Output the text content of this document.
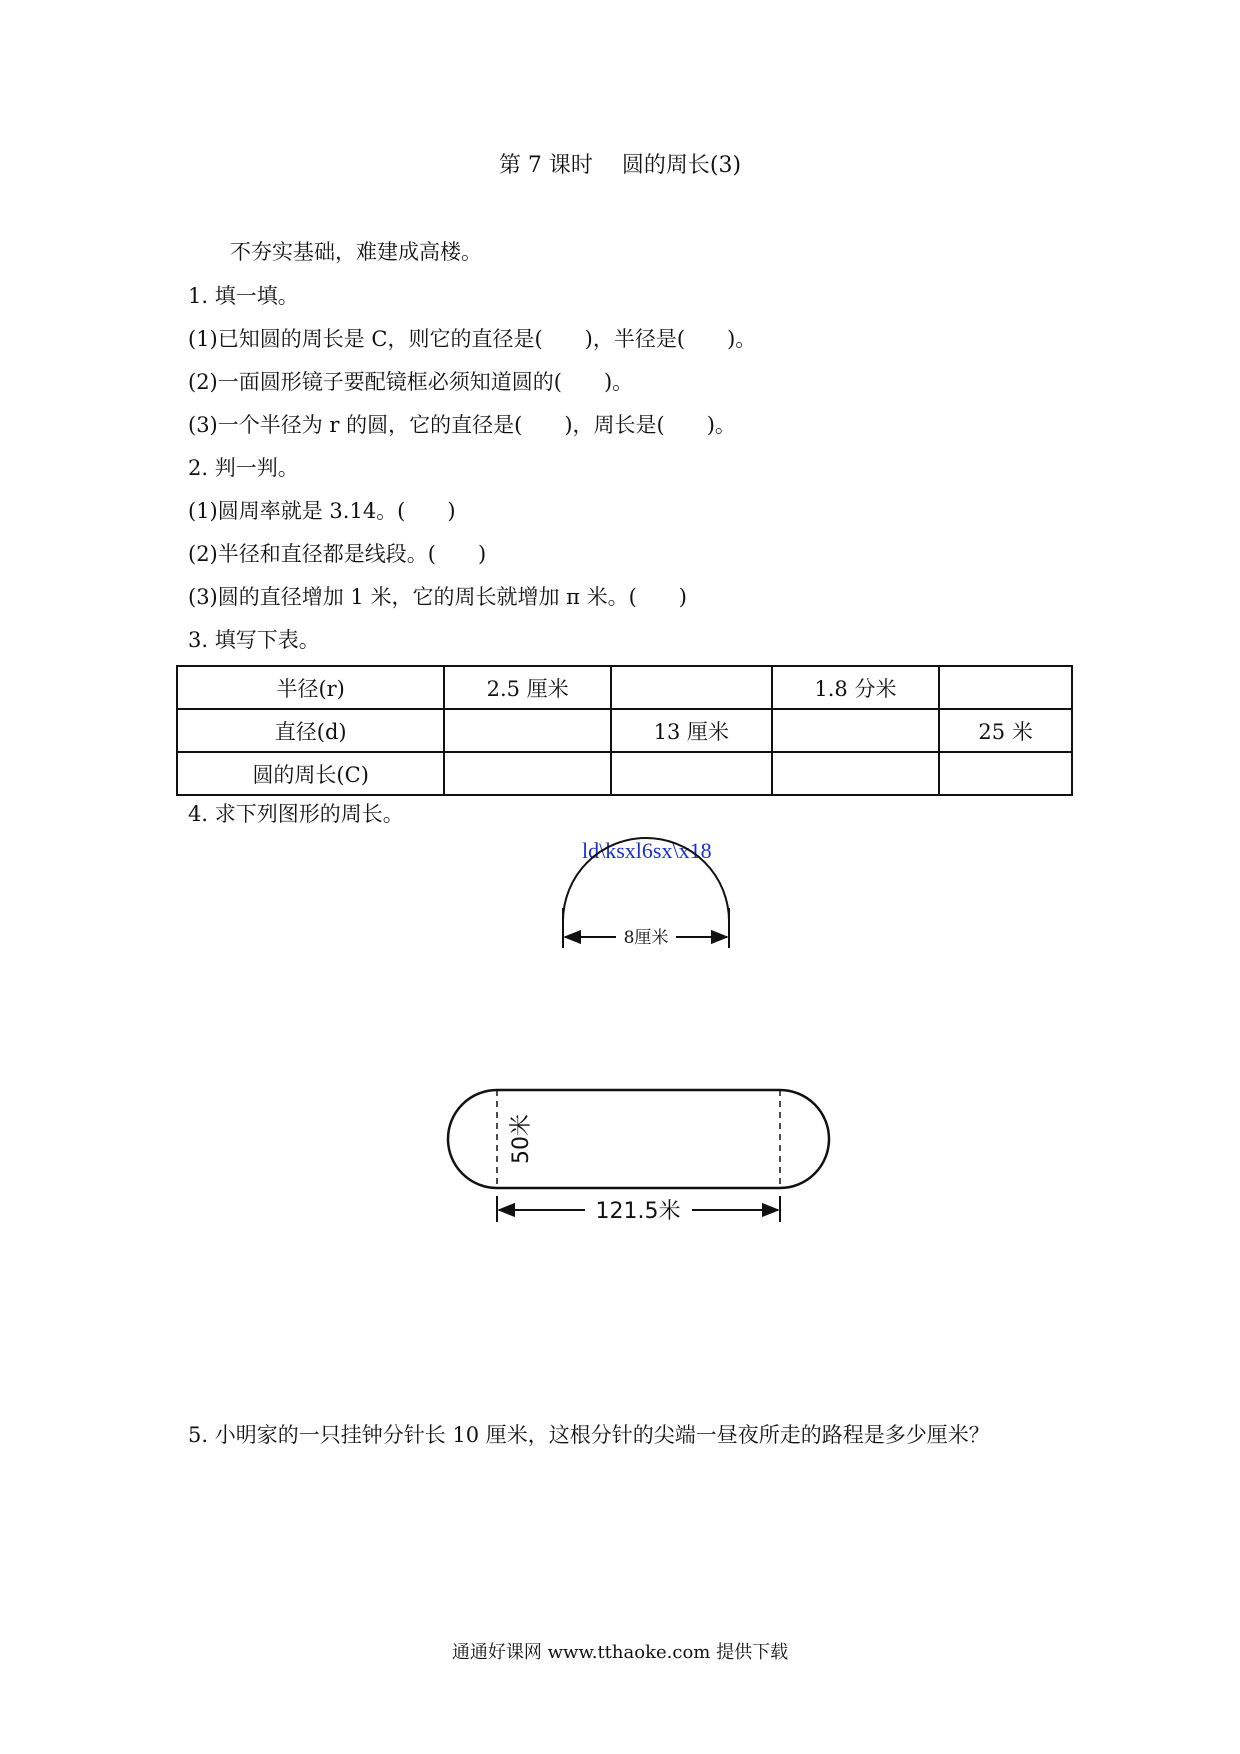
第 7 课时　 圆的周长(3)
不夯实基础，难建成高楼。
1. 填一填。
(1)已知圆的周长是 C，则它的直径是(　　)，半径是(　　)。
(2)一面圆形镜子要配镜框必须知道圆的(　　)。
(3)一个半径为 r 的圆，它的直径是(　　)，周长是(　　)。
2. 判一判。
(1)圆周率就是 3.14。(　　)
(2)半径和直径都是线段。(　　)
(3)圆的直径增加 1 米，它的周长就增加 π 米。(　　)
3. 填写下表。
半径(r)	2.5 厘米		1.8 分米	
直径(d)		13 厘米		25 米
圆的周长(C)				
4. 求下列图形的周长。
ld\ksxl6sx\x18
8厘米
50米
121.5米
5. 小明家的一只挂钟分针长 10 厘米，这根分针的尖端一昼夜所走的路程是多少厘米？
通通好课网 www.tthaoke.com 提供下载
